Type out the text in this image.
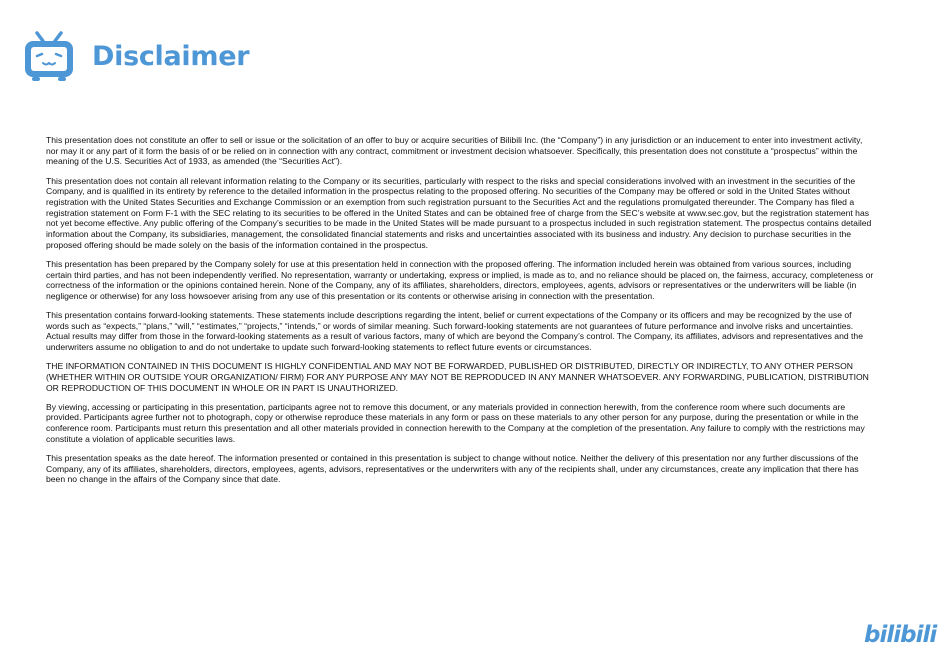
Disclaimer

This presentation does not constitute an offer to sell or issue or the solicitation of an offer to buy or acquire securities of Bilibili Inc. (the “Company”) in any jurisdiction or an inducement to enter into investment activity, nor may it or any part of it form the basis of or be relied on in connection with any contract, commitment or investment decision whatsoever. Specifically, this presentation does not constitute a “prospectus” within the meaning of the U.S. Securities Act of 1933, as amended (the “Securities Act”).

This presentation does not contain all relevant information relating to the Company or its securities, particularly with respect to the risks and special considerations involved with an investment in the securities of the Company, and is qualified in its entirety by reference to the detailed information in the prospectus relating to the proposed offering. No securities of the Company may be offered or sold in the United States without registration with the United States Securities and Exchange Commission or an exemption from such registration pursuant to the Securities Act and the regulations promulgated thereunder. The Company has filed a registration statement on Form F-1 with the SEC relating to its securities to be offered in the United States and can be obtained free of charge from the SEC’s website at www.sec.gov, but the registration statement has not yet become effective. Any public offering of the Company’s securities to be made in the United States will be made pursuant to a prospectus included in such registration statement. The prospectus contains detailed information about the Company, its subsidiaries, management, the consolidated financial statements and risks and uncertainties associated with its business and industry. Any decision to purchase securities in the proposed offering should be made solely on the basis of the information contained in the prospectus.

This presentation has been prepared by the Company solely for use at this presentation held in connection with the proposed offering. The information included herein was obtained from various sources, including certain third parties, and has not been independently verified. No representation, warranty or undertaking, express or implied, is made as to, and no reliance should be placed on, the fairness, accuracy, completeness or correctness of the information or the opinions contained herein. None of the Company, any of its affiliates, shareholders, directors, employees, agents, advisors or representatives or the underwriters will be liable (in negligence or otherwise) for any loss howsoever arising from any use of this presentation or its contents or otherwise arising in connection with the presentation.

This presentation contains forward-looking statements. These statements include descriptions regarding the intent, belief or current expectations of the Company or its officers and may be recognized by the use of words such as “expects,” “plans,” “will,” “estimates,” “projects,” “intends,” or words of similar meaning. Such forward-looking statements are not guarantees of future performance and involve risks and uncertainties. Actual results may differ from those in the forward-looking statements as a result of various factors, many of which are beyond the Company’s control. The Company, its affiliates, advisors and representatives and the underwriters assume no obligation to and do not undertake to update such forward-looking statements to reflect future events or circumstances.

THE INFORMATION CONTAINED IN THIS DOCUMENT IS HIGHLY CONFIDENTIAL AND MAY NOT BE FORWARDED, PUBLISHED OR DISTRIBUTED, DIRECTLY OR INDIRECTLY, TO ANY OTHER PERSON (WHETHER WITHIN OR OUTSIDE YOUR ORGANIZATION/ FIRM) FOR ANY PURPOSE ANY MAY NOT BE REPRODUCED IN ANY MANNER WHATSOEVER. ANY FORWARDING, PUBLICATION, DISTRIBUTION OR REPRODUCTION OF THIS DOCUMENT IN WHOLE OR IN PART IS UNAUTHORIZED.

By viewing, accessing or participating in this presentation, participants agree not to remove this document, or any materials provided in connection herewith, from the conference room where such documents are provided. Participants agree further not to photograph, copy or otherwise reproduce these materials in any form or pass on these materials to any other person for any purpose, during the presentation or while in the conference room. Participants must return this presentation and all other materials provided in connection herewith to the Company at the completion of the presentation. Any failure to comply with the restrictions may constitute a violation of applicable securities laws.

This presentation speaks as the date hereof. The information presented or contained in this presentation is subject to change without notice. Neither the delivery of this presentation nor any further discussions of the Company, any of its affiliates, shareholders, directors, employees, agents, advisors, representatives or the underwriters with any of the recipients shall, under any circumstances, create any implication that there has been no change in the affairs of the Company since that date.

bilibili
